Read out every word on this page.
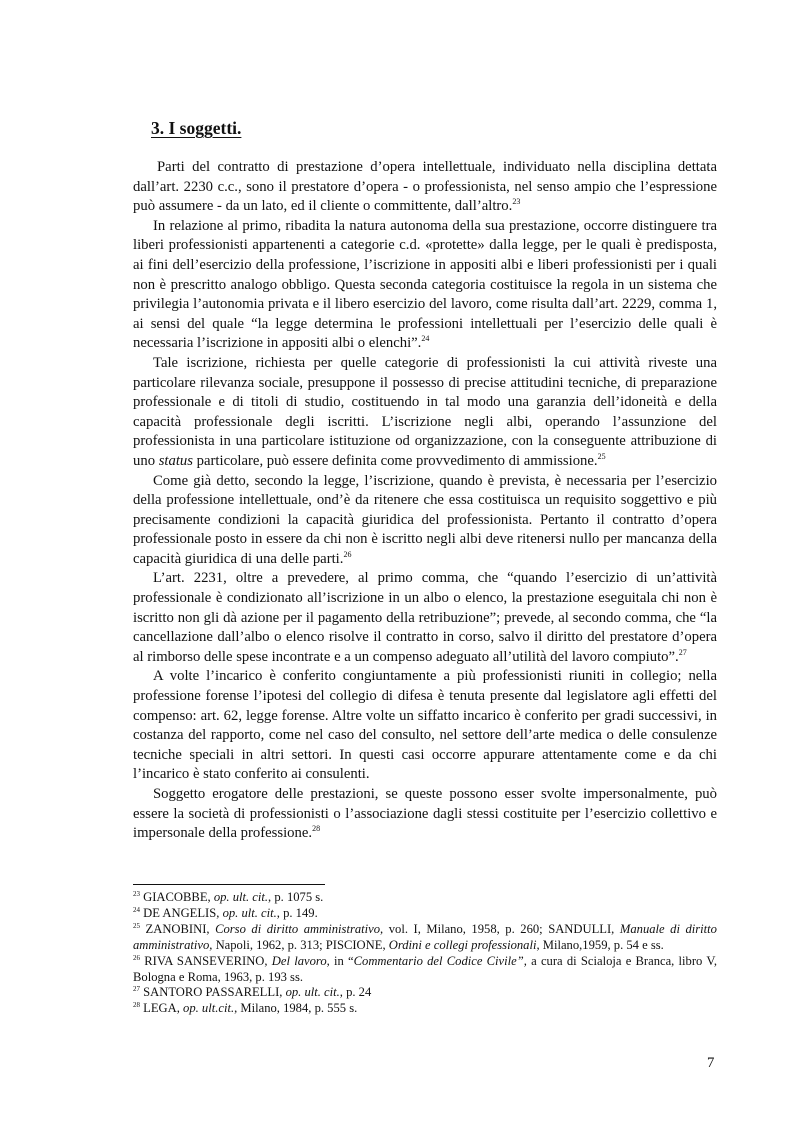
3. I soggetti.

Parti del contratto di prestazione d’opera intellettuale, individuato nella disciplina dettata dall’art. 2230 c.c., sono il prestatore d’opera - o professionista, nel senso ampio che l’espressione può assumere - da un lato, ed il cliente o committente, dall’altro.$^{23}$

In relazione al primo, ribadita la natura autonoma della sua prestazione, occorre distinguere tra liberi professionisti appartenenti a categorie c.d. «protette» dalla legge, per le quali è predisposta, ai fini dell’esercizio della professione, l’iscrizione in appositi albi e liberi professionisti per i quali non è prescritto analogo obbligo. Questa seconda categoria costituisce la regola in un sistema che privilegia l’autonomia privata e il libero esercizio del lavoro, come risulta dall’art. 2229, comma 1, ai sensi del quale “la legge determina le professioni intellettuali per l’esercizio delle quali è necessaria l’iscrizione in appositi albi o elenchi”.$^{24}$

Tale iscrizione, richiesta per quelle categorie di professionisti la cui attività riveste una particolare rilevanza sociale, presuppone il possesso di precise attitudini tecniche, di preparazione professionale e di titoli di studio, costituendo in tal modo una garanzia dell’idoneità e della capacità professionale degli iscritti. L’iscrizione negli albi, operando l’assunzione del professionista in una particolare istituzione od organizzazione, con la conseguente attribuzione di uno status particolare, può essere definita come provvedimento di ammissione.$^{25}$

Come già detto, secondo la legge, l’iscrizione, quando è prevista, è necessaria per l’esercizio della professione intellettuale, ond’è da ritenere che essa costituisca un requisito soggettivo e più precisamente condizioni la capacità giuridica del professionista. Pertanto il contratto d’opera professionale posto in essere da chi non è iscritto negli albi deve ritenersi nullo per mancanza della capacità giuridica di una delle parti.$^{26}$

L’art. 2231, oltre a prevedere, al primo comma, che “quando l’esercizio di un’attività professionale è condizionato all’iscrizione in un albo o elenco, la prestazione eseguitala chi non è iscritto non gli dà azione per il pagamento della retribuzione”; prevede, al secondo comma, che “la cancellazione dall’albo o elenco risolve il contratto in corso, salvo il diritto del prestatore d’opera al rimborso delle spese incontrate e a un compenso adeguato all’utilità del lavoro compiuto”.$^{27}$

A volte l’incarico è conferito congiuntamente a più professionisti riuniti in collegio; nella professione forense l’ipotesi del collegio di difesa è tenuta presente dal legislatore agli effetti del compenso: art. 62, legge forense. Altre volte un siffatto incarico è conferito per gradi successivi, in costanza del rapporto, come nel caso del consulto, nel settore dell’arte medica o delle consulenze tecniche speciali in altri settori. In questi casi occorre appurare attentamente come e da chi l’incarico è stato conferito ai consulenti.

Soggetto erogatore delle prestazioni, se queste possono esser svolte impersonalmente, può essere la società di professionisti o l’associazione dagli stessi costituite per l’esercizio collettivo e impersonale della professione.$^{28}$

$^{23}$ GIACOBBE, op. ult. cit., p. 1075 s.

$^{24}$ DE ANGELIS, op. ult. cit., p. 149.

$^{25}$ ZANOBINI, Corso di diritto amministrativo, vol. I, Milano, 1958, p. 260; SANDULLI, Manuale di diritto amministrativo, Napoli, 1962, p. 313; PISCIONE, Ordini e collegi professionali, Milano,1959, p. 54 e ss.

$^{26}$ RIVA SANSEVERINO, Del lavoro, in “Commentario del Codice Civile”, a cura di Scialoja e Branca, libro V, Bologna e Roma, 1963, p. 193 ss.

$^{27}$ SANTORO PASSARELLI, op. ult. cit., p. 24

$^{28}$ LEGA, op. ult.cit., Milano, 1984, p. 555 s.

7
